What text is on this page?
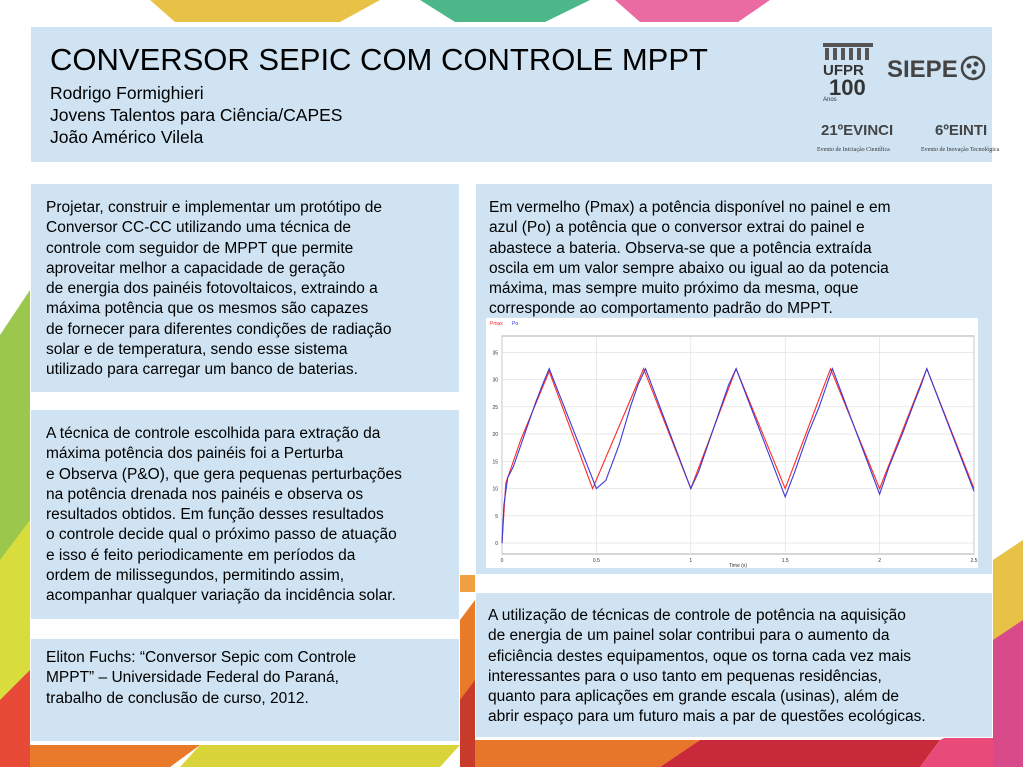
CONVERSOR SEPIC COM CONTROLE MPPT
Rodrigo Formighieri
Jovens Talentos para Ciência/CAPES
João Américo Vilela
UFPR
100
Anos
SIEPE
21ºEVINCI
Evento de Iniciação Científica
6ºEINTI
Evento de Inovação Tecnológica
Projetar, construir e implementar um protótipo de
Conversor CC-CC utilizando uma técnica de
controle com seguidor de MPPT que permite
aproveitar melhor a capacidade de geração
de energia dos painéis fotovoltaicos, extraindo a
máxima potência que os mesmos são capazes
de fornecer para diferentes condições de radiação
solar e de temperatura, sendo esse sistema
utilizado para carregar um banco de baterias.
A técnica de controle escolhida para extração da
máxima potência dos painéis foi a Perturba
e Observa (P&O), que gera pequenas perturbações
na potência drenada nos painéis e observa os
resultados obtidos. Em função desses resultados
o controle decide qual o próximo passo de atuação
e isso é feito periodicamente em períodos da
ordem de milissegundos, permitindo assim,
acompanhar qualquer variação da incidência solar.
Eliton Fuchs: “Conversor Sepic com Controle
MPPT” – Universidade Federal do Paraná,
trabalho de conclusão de curso, 2012.
Em vermelho (Pmax) a potência disponível no painel e em
azul (Po) a potência que o conversor extrai do painel e
abastece a bateria. Observa-se que a potência extraída
oscila em um valor sempre abaixo ou igual ao da potencia
máxima, mas sempre muito próximo da mesma, oque
corresponde ao comportamento padrão do MPPT.
0	0.5	1	1.5	2	2.5
0
5
10
15
20
25
30
35
Time (s)
Pmax Po
A utilização de técnicas de controle de potência na aquisição
de energia de um painel solar contribui para o aumento da
eficiência destes equipamentos, oque os torna cada vez mais
interessantes para o uso tanto em pequenas residências,
quanto para aplicações em grande escala (usinas), além de
abrir espaço para um futuro mais a par de questões ecológicas.
